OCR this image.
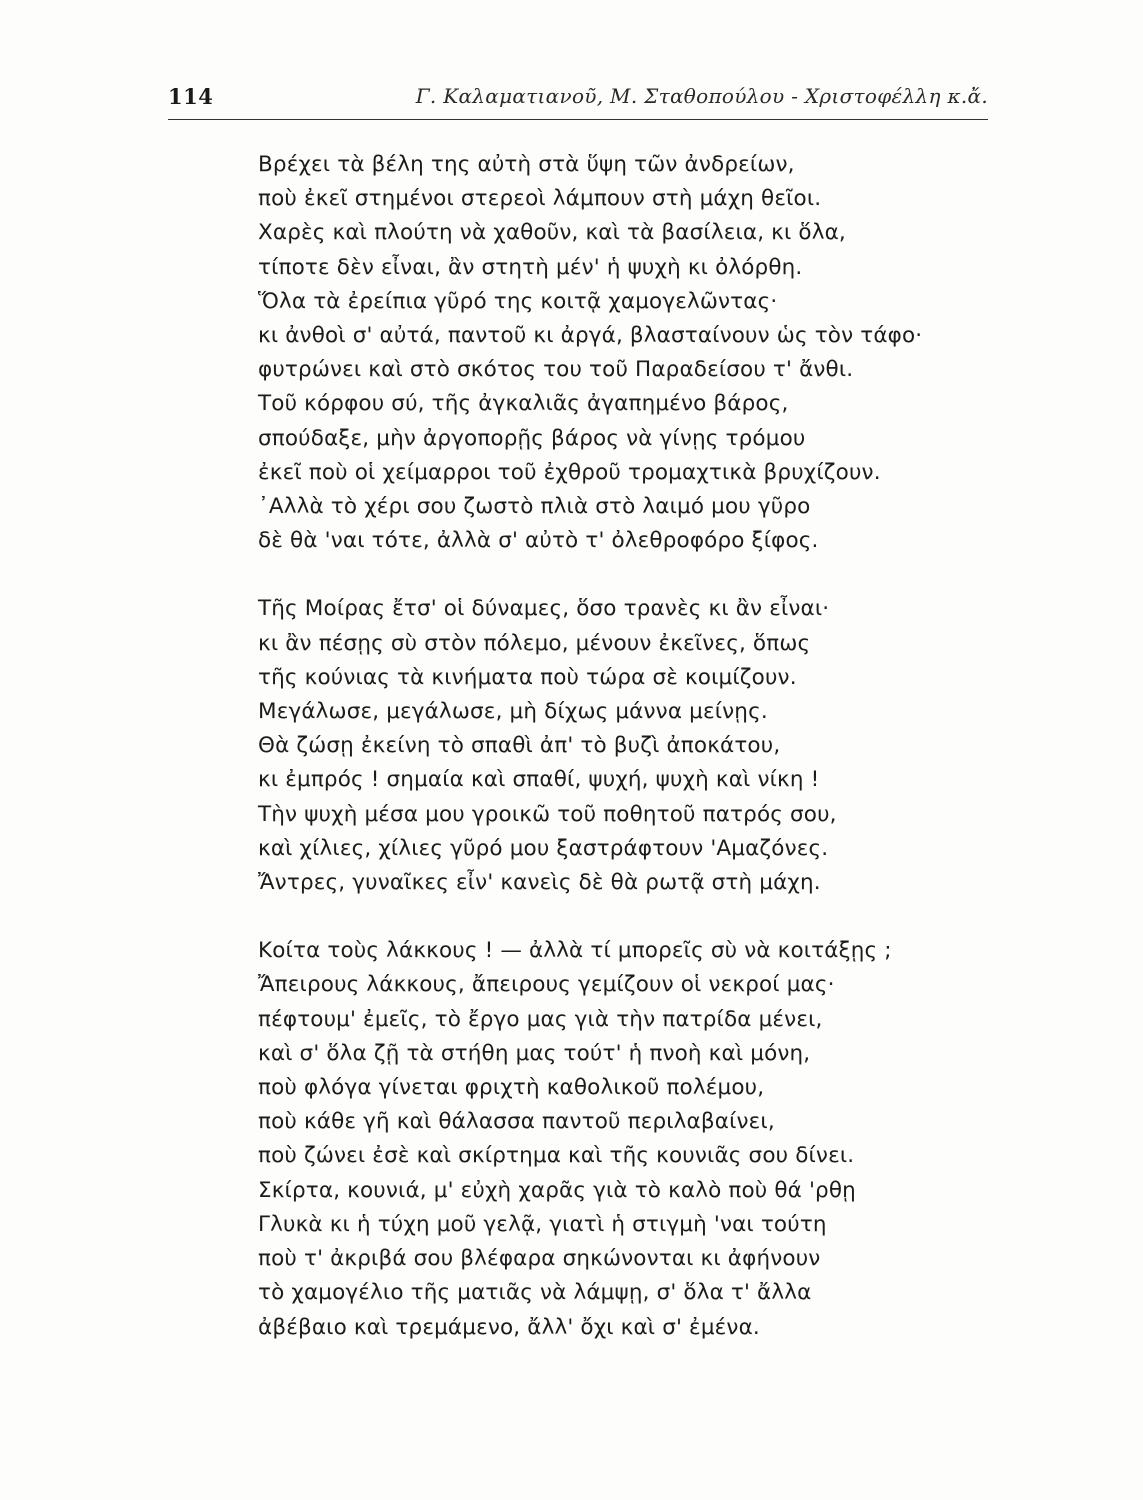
114	Γ. Καλαματιανοῦ, Μ. Σταθοπούλου - Χριστοφέλλη κ.ἄ.
Βρέχει τὰ βέλη της αὐτὴ στὰ ὕψη τῶν ἀνδρείων,
ποὺ ἐκεῖ στημένοι στερεοὶ λάμπουν στὴ μάχη θεῖοι.
Χαρὲς καὶ πλούτη νὰ χαθοῦν, καὶ τὰ βασίλεια, κι ὅλα,
τίποτε δὲν εἶναι, ἂν στητὴ μέν' ἡ ψυχὴ κι ὀλόρθη.
Ὅλα τὰ ἐρείπια γῦρό της κοιτᾷ χαμογελῶντας·
κι ἀνθοὶ σ' αὐτά, παντοῦ κι ἀργά, βλασταίνουν ὡς τὸν τάφο·
φυτρώνει καὶ στὸ σκότος του τοῦ Παραδείσου τ' ἄνθι.
Τοῦ κόρφου σύ, τῆς ἀγκαλιᾶς ἀγαπημένο βάρος,
σπούδαξε, μὴν ἀργοπορῇς βάρος νὰ γίνῃς τρόμου
ἐκεῖ ποὺ οἱ χείμαρροι τοῦ ἐχθροῦ τρομαχτικὰ βρυχίζουν.
᾿Αλλὰ τὸ χέρι σου ζωστὸ πλιὰ στὸ λαιμό μου γῦρο
δὲ θὰ 'ναι τότε, ἀλλὰ σ' αὐτὸ τ' ὀλεθροφόρο ξίφος.
Τῆς Μοίρας ἔτσ' οἱ δύναμες, ὅσο τρανὲς κι ἂν εἶναι·
κι ἂν πέσῃς σὺ στὸν πόλεμο, μένουν ἐκεῖνες, ὅπως
τῆς κούνιας τὰ κινήματα ποὺ τώρα σὲ κοιμίζουν.
Μεγάλωσε, μεγάλωσε, μὴ δίχως μάννα μείνῃς.
Θὰ ζώσῃ ἐκείνη τὸ σπαθὶ ἀπ' τὸ βυζὶ ἀποκάτου,
κι ἐμπρός ! σημαία καὶ σπαθί, ψυχή, ψυχὴ καὶ νίκη !
Τὴν ψυχὴ μέσα μου γροικῶ τοῦ ποθητοῦ πατρός σου,
καὶ χίλιες, χίλιες γῦρό μου ξαστράφτουν 'Αμαζόνες.
Ἄντρες, γυναῖκες εἶν' κανεὶς δὲ θὰ ρωτᾷ στὴ μάχη.
Κοίτα τοὺς λάκκους ! — ἀλλὰ τί μπορεῖς σὺ νὰ κοιτάξῃς ;
Ἄπειρους λάκκους, ἄπειρους γεμίζουν οἱ νεκροί μας·
πέφτουμ' ἐμεῖς, τὸ ἔργο μας γιὰ τὴν πατρίδα μένει,
καὶ σ' ὅλα ζῇ τὰ στήθη μας τούτ' ἡ πνοὴ καὶ μόνη,
ποὺ φλόγα γίνεται φριχτὴ καθολικοῦ πολέμου,
ποὺ κάθε γῆ καὶ θάλασσα παντοῦ περιλαβαίνει,
ποὺ ζώνει ἐσὲ καὶ σκίρτημα καὶ τῆς κουνιᾶς σου δίνει.
Σκίρτα, κουνιά, μ' εὐχὴ χαρᾶς γιὰ τὸ καλὸ ποὺ θά 'ρθῃ
Γλυκὰ κι ἡ τύχη μοῦ γελᾷ, γιατὶ ἡ στιγμὴ 'ναι τούτη
ποὺ τ' ἀκριβά σου βλέφαρα σηκώνονται κι ἀφήνουν
τὸ χαμογέλιο τῆς ματιᾶς νὰ λάμψῃ, σ' ὅλα τ' ἄλλα
ἀβέβαιο καὶ τρεμάμενο, ἄλλ' ὄχι καὶ σ' ἐμένα.
